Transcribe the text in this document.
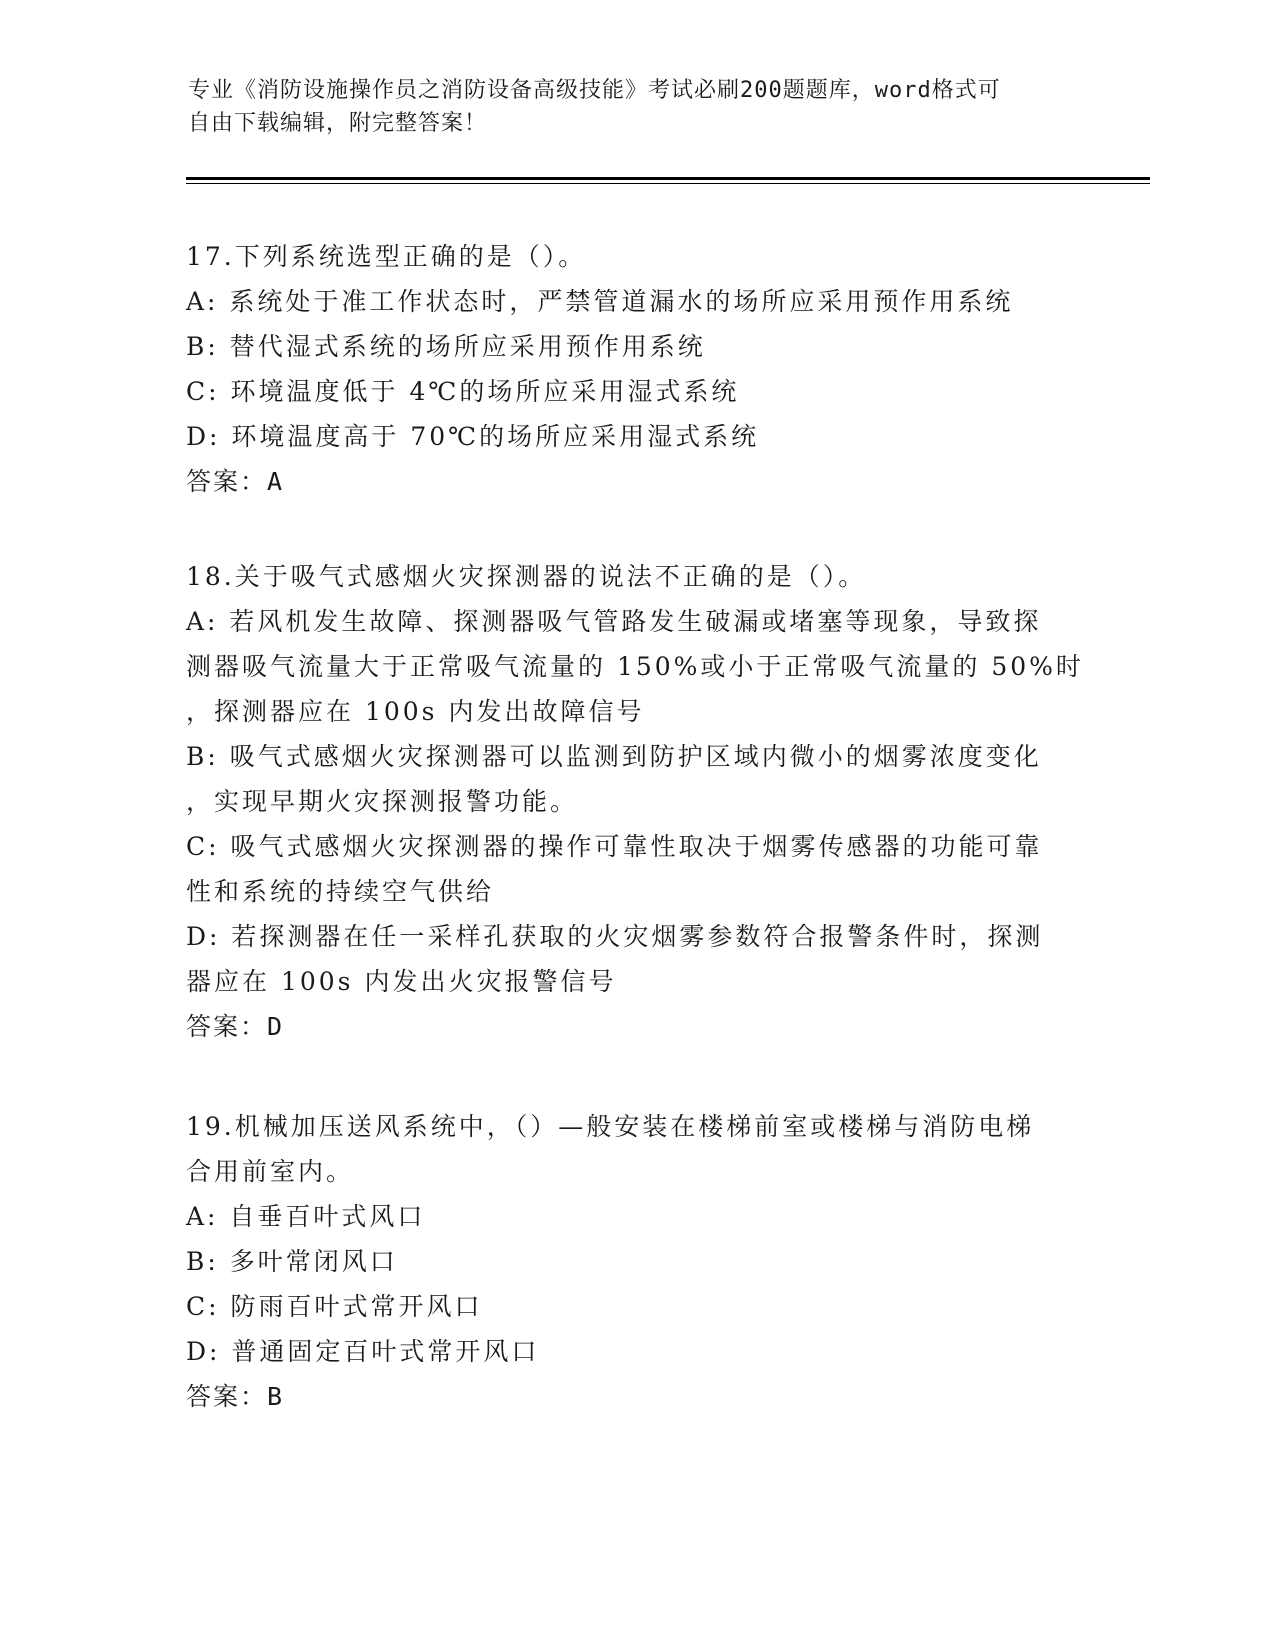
专业《消防设施操作员之消防设备高级技能》考试必刷200题题库，word格式可
自由下载编辑，附完整答案！
17.下列系统选型正确的是（）。
A: 系统处于准工作状态时，严禁管道漏水的场所应采用预作用系统
B: 替代湿式系统的场所应采用预作用系统
C: 环境温度低于 4℃的场所应采用湿式系统
D: 环境温度高于 70℃的场所应采用湿式系统
答案：A
18.关于吸气式感烟火灾探测器的说法不正确的是（）。
A: 若风机发生故障、探测器吸气管路发生破漏或堵塞等现象，导致探
测器吸气流量大于正常吸气流量的 150%或小于正常吸气流量的 50%时
，探测器应在 100s 内发出故障信号
B: 吸气式感烟火灾探测器可以监测到防护区域内微小的烟雾浓度变化
，实现早期火灾探测报警功能。
C: 吸气式感烟火灾探测器的操作可靠性取决于烟雾传感器的功能可靠
性和系统的持续空气供给
D: 若探测器在任一采样孔获取的火灾烟雾参数符合报警条件时，探测
器应在 100s 内发出火灾报警信号
答案：D
19.机械加压送风系统中，（）—般安装在楼梯前室或楼梯与消防电梯
合用前室内。
A: 自垂百叶式风口
B: 多叶常闭风口
C: 防雨百叶式常开风口
D: 普通固定百叶式常开风口
答案：B
